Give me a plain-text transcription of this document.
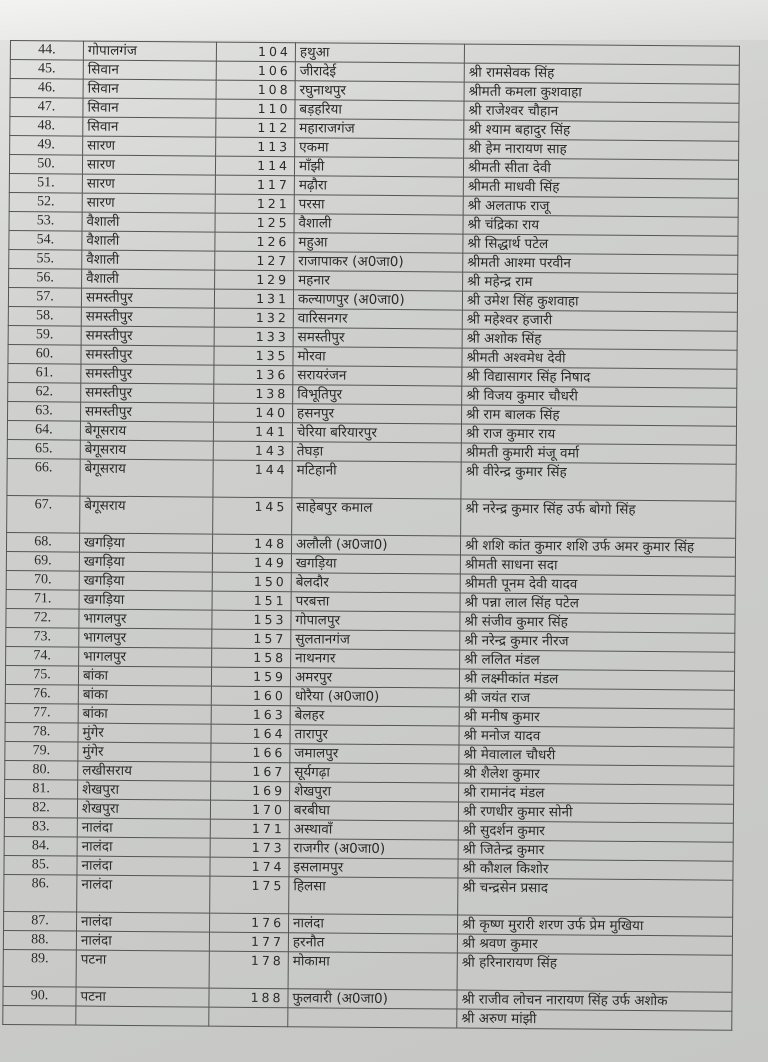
44.	गोपालगंज	104	हथुआ	
45.	सिवान	106	जीरादेई	श्री रामसेवक सिंह
46.	सिवान	108	रघुनाथपुर	श्रीमती कमला कुशवाहा
47.	सिवान	110	बड़हरिया	श्री राजेश्वर चौहान
48.	सिवान	112	महाराजगंज	श्री श्याम बहादुर सिंह
49.	सारण	113	एकमा	श्री हेम नारायण साह
50.	सारण	114	माँझी	श्रीमती सीता देवी
51.	सारण	117	मढ़ौरा	श्रीमती माधवी सिंह
52.	सारण	121	परसा	श्री अलताफ राजू
53.	वैशाली	125	वैशाली	श्री चंद्रिका राय
54.	वैशाली	126	महुआ	श्री सिद्धार्थ पटेल
55.	वैशाली	127	राजापाकर (अ0जा0)	श्रीमती आश्मा परवीन
56.	वैशाली	129	महनार	श्री महेन्द्र राम
57.	समस्तीपुर	131	कल्याणपुर (अ0जा0)	श्री उमेश सिंह कुशवाहा
58.	समस्तीपुर	132	वारिसनगर	श्री महेश्वर हजारी
59.	समस्तीपुर	133	समस्तीपुर	श्री अशोक सिंह
60.	समस्तीपुर	135	मोरवा	श्रीमती अश्वमेध देवी
61.	समस्तीपुर	136	सरायरंजन	श्री विद्यासागर सिंह निषाद
62.	समस्तीपुर	138	विभूतिपुर	श्री विजय कुमार चौधरी
63.	समस्तीपुर	140	हसनपुर	श्री राम बालक सिंह
64.	बेगूसराय	141	चेरिया बरियारपुर	श्री राज कुमार राय
65.	बेगूसराय	143	तेघड़ा	श्रीमती कुमारी मंजू वर्मा
66.	बेगूसराय	144	मटिहानी	श्री वीरेन्द्र कुमार सिंह
67.	बेगूसराय	145	साहेबपुर कमाल	श्री नरेन्द्र कुमार सिंह उर्फ बोगो सिंह
68.	खगड़िया	148	अलौली (अ0जा0)	श्री शशि कांत कुमार शशि उर्फ अमर कुमार सिंह
69.	खगड़िया	149	खगड़िया	श्रीमती साधना सदा
70.	खगड़िया	150	बेलदौर	श्रीमती पूनम देवी यादव
71.	खगड़िया	151	परबत्ता	श्री पन्ना लाल सिंह पटेल
72.	भागलपुर	153	गोपालपुर	श्री संजीव कुमार सिंह
73.	भागलपुर	157	सुलतानगंज	श्री नरेन्द्र कुमार नीरज
74.	भागलपुर	158	नाथनगर	श्री ललित मंडल
75.	बांका	159	अमरपुर	श्री लक्ष्मीकांत मंडल
76.	बांका	160	धोरैया (अ0जा0)	श्री जयंत राज
77.	बांका	163	बेलहर	श्री मनीष कुमार
78.	मुंगेर	164	तारापुर	श्री मनोज यादव
79.	मुंगेर	166	जमालपुर	श्री मेवालाल चौधरी
80.	लखीसराय	167	सूर्यगढ़ा	श्री शैलेश कुमार
81.	शेखपुरा	169	शेखपुरा	श्री रामानंद मंडल
82.	शेखपुरा	170	बरबीघा	श्री रणधीर कुमार सोनी
83.	नालंदा	171	अस्थावाँ	श्री सुदर्शन कुमार
84.	नालंदा	173	राजगीर (अ0जा0)	श्री जितेन्द्र कुमार
85.	नालंदा	174	इसलामपुर	श्री कौशल किशोर
86.	नालंदा	175	हिलसा	श्री चन्द्रसेन प्रसाद
87.	नालंदा	176	नालंदा	श्री कृष्ण मुरारी शरण उर्फ प्रेम मुखिया
88.	नालंदा	177	हरनौत	श्री श्रवण कुमार
89.	पटना	178	मोकामा	श्री हरिनारायण सिंह
90.	पटना	188	फुलवारी (अ0जा0)	श्री राजीव लोचन नारायण सिंह उर्फ अशोक
				श्री अरुण मांझी
